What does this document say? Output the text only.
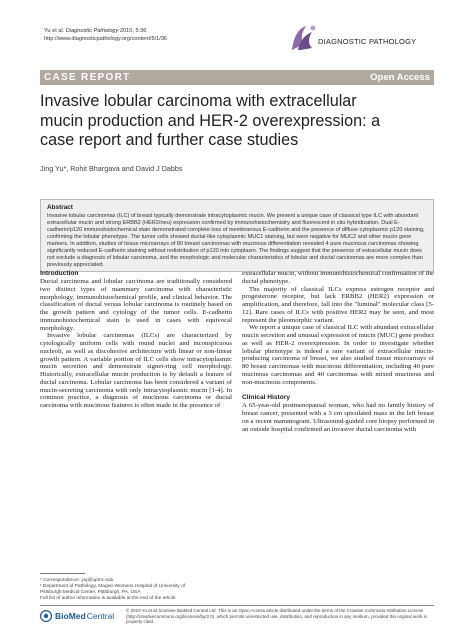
Yu et al. Diagnostic Pathology 2010, 5:36
http://www.diagnosticpathology.org/content/5/1/36	DIAGNOSTIC PATHOLOGY
CASE REPORT	Open Access
Invasive lobular carcinoma with extracellular
mucin production and HER-2 overexpression: a
case report and further case studies
Jing Yu*, Rohit Bhargava and David J Dabbs
Abstract
Invasive lobular carcinomas (ILC) of breast typically demonstrate intracytoplasmic mucin. We present a unique case of classical type ILC with abundant extracellular mucin and strong ERBB2 (HER2/neu) expression confirmed by immunohistochemistry and fluorescent in situ hybridization. Dual E-cadherin/p120 immunohistochemical stain demonstrated complete loss of membranous E-cadherin and the presence of diffuse cytoplasmic p120 staining, confirming the lobular phenotype. The tumor cells showed ductal-like cytoplasmic MUC1 staining, but were negative for MUC2 and other mucin gene markers. In addition, studies of tissue microarrays of 80 breast carcinomas with mucinous differentiation revealed 4 pure mucinous carcinomas showing significantly reduced E-cadherin staining without redistribution of p120 into cytoplasm. The findings suggest that the presence of extracellular mucin does not exclude a diagnosis of lobular carcinoma, and the morphologic and molecular characteristics of lobular and ductal carcinomas are more complex than previously appreciated.
Introduction
Ductal carcinoma and lobular carcinoma are traditionally considered two distinct types of mammary carcinoma with characteristic morphology, immunohistochemical profile, and clinical behavior. The classification of ductal versus lobular carcinoma is routinely based on the growth pattern and cytology of the tumor cells. E-cadherin immunohistochemical stain is used in cases with equivocal morphology.
Invasive lobular carcinomas (ILCs) are characterized by cytologically uniform cells with round nuclei and inconspicuous nucleoli, as well as discohesive architecture with linear or non-linear growth pattern. A variable portion of ILC cells show intracytoplasmic mucin secretion and demonstrate signet-ring cell morphology. Historically, extracellular mucin production is by default a feature of ductal carcinoma. Lobular carcinoma has been considered a variant of mucin-secreting carcinoma with only intracytoplasmic mucin [1-4]. In common practice, a diagnosis of mucinous carcinoma or ductal carcinoma with mucinous features is often made in the presence of
extracellular mucin, without immunohistochemical confirmation of the ductal phenotype.
The majority of classical ILCs express estrogen receptor and progesterone receptor, but lack ERBB2 (HER2) expression or amplification, and therefore, fall into the "luminal" molecular class [5-12]. Rare cases of ILCs with positive HER2 may be seen, and most represent the pleomorphic variant.
We report a unique case of classical ILC with abundant extracellular mucin secretion and unusual expression of mucin (MUC) gene product as well as HER-2 overexpression. In order to investigate whether lobular phenotype is indeed a rare variant of extracellular mucin-producing carcinoma of breast, we also studied tissue microarrays of 80 breast carcinomas with mucinous differentiation, including 40 pure mucinous carcinomas and 40 carcinomas with mixed mucinous and non-mucinous components.
Clinical History
A 65-year-old postmenopausal woman, who had no family history of breast cancer, presented with a 3 cm spiculated mass in the left breast on a recent mammogram. Ultrasound-guided core biopsy performed in an outside hospital confirmed an invasive ductal carcinoma with
* Correspondence: yuj@upmc.edu
¹ Department of Pathology, Magee-Womens Hospital of University of
Pittsburgh Medical Center, Pittsburgh, PA, USA
Full list of author information is available at the end of the article
BioMed Central
© 2010 Yu et al; licensee BioMed Central Ltd. This is an Open Access article distributed under the terms of the Creative Commons Attribution License (http://creativecommons.org/licenses/by/2.0), which permits unrestricted use, distribution, and reproduction in any medium, provided the original work is properly cited.
